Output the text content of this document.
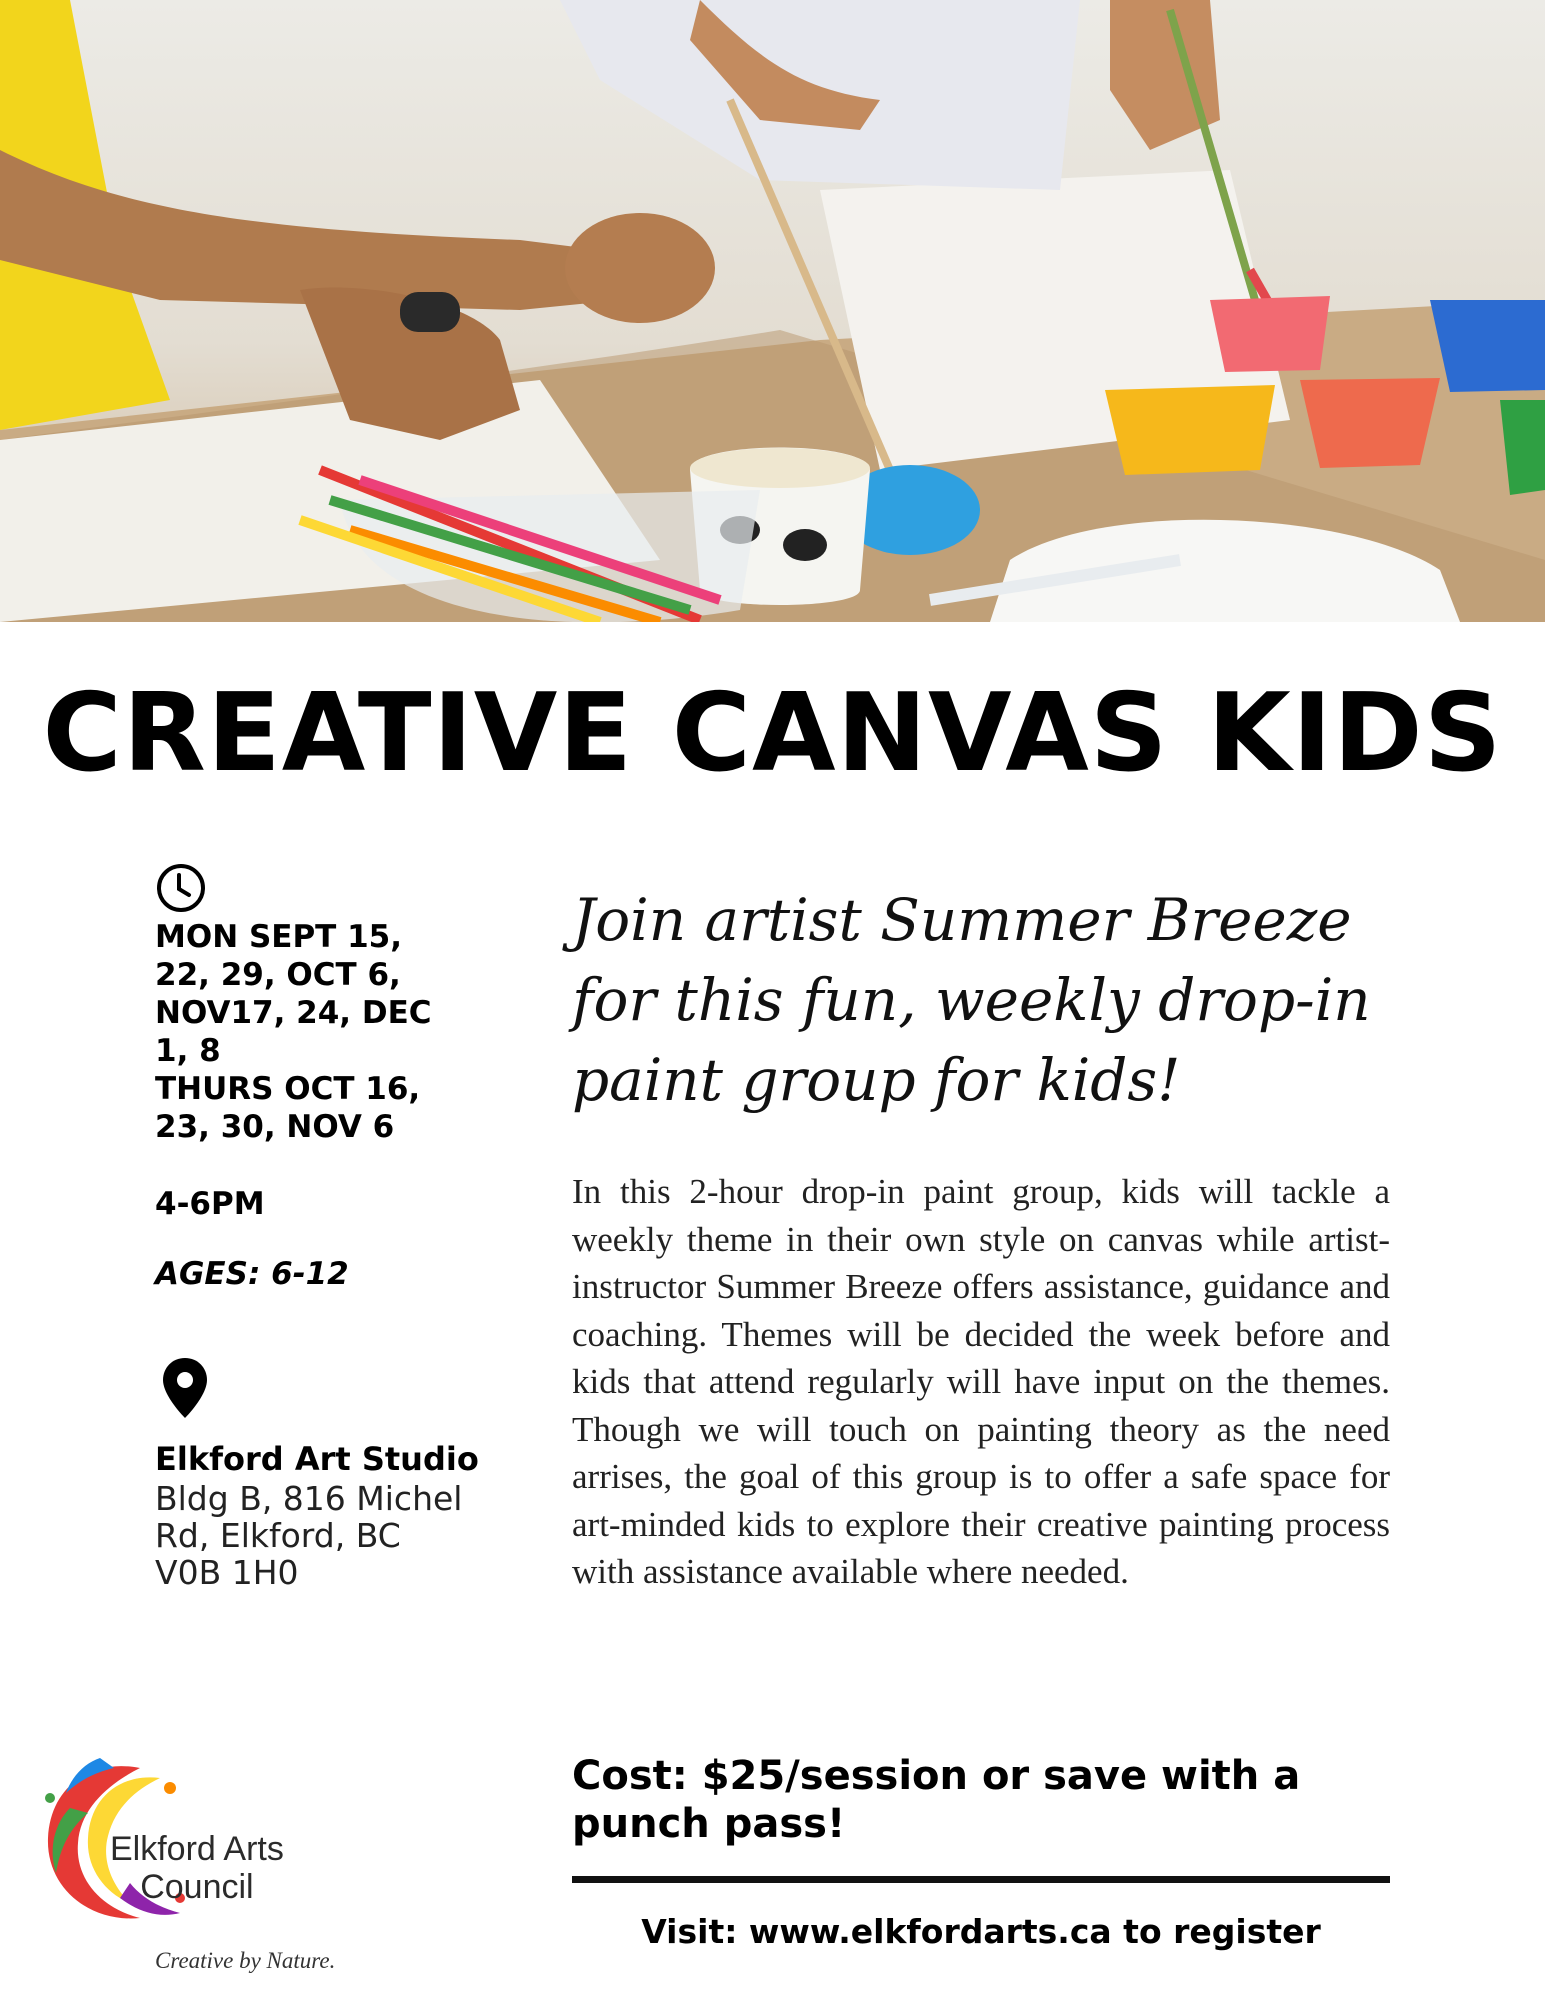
CREATIVE CANVAS KIDS

MON SEPT 15,
22, 29, OCT 6,
NOV17, 24, DEC
1, 8
THURS OCT 16,
23, 30, NOV 6

4-6PM

AGES: 6-12

Elkford Art Studio

Bldg B, 816 Michel
Rd, Elkford, BC
V0B 1H0

Join artist Summer Breeze for this fun, weekly drop-in paint group for kids!

In this 2-hour drop-in paint group, kids will tackle a weekly theme in their own style on canvas while artist-instructor Summer Breeze offers assistance, guidance and coaching. Themes will be decided the week before and kids that attend regularly will have input on the themes. Though we will touch on painting theory as the need arrises, the goal of this group is to offer a safe space for art-minded kids to explore their creative painting process with assistance available where needed.

Cost: $25/session or save with a punch pass!

Visit: www.elkfordarts.ca to register

Elkford Arts
Council

Creative by Nature.
